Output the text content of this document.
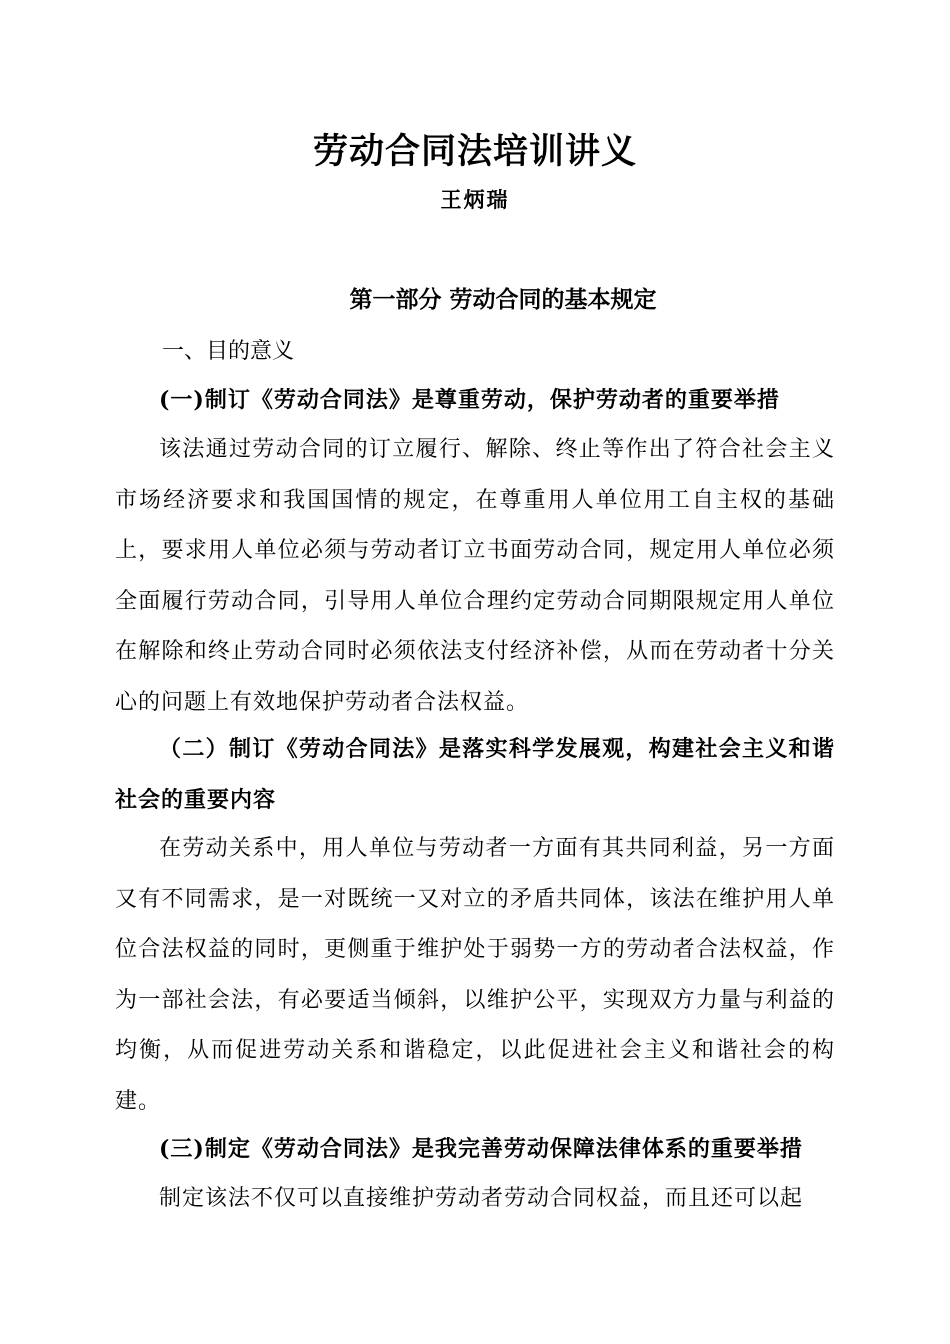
劳动合同法培训讲义
王炳瑞
第一部分 劳动合同的基本规定
一、目的意义
(一)制订《劳动合同法》是尊重劳动，保护劳动者的重要举措
该法通过劳动合同的订立履行、解除、终止等作出了符合社会主义市场经济要求和我国国情的规定，在尊重用人单位用工自主权的基础上，要求用人单位必须与劳动者订立书面劳动合同，规定用人单位必须全面履行劳动合同，引导用人单位合理约定劳动合同期限规定用人单位在解除和终止劳动合同时必须依法支付经济补偿，从而在劳动者十分关心的问题上有效地保护劳动者合法权益。
（二）制订《劳动合同法》是落实科学发展观，构建社会主义和谐社会的重要内容
在劳动关系中，用人单位与劳动者一方面有其共同利益，另一方面又有不同需求，是一对既统一又对立的矛盾共同体，该法在维护用人单位合法权益的同时，更侧重于维护处于弱势一方的劳动者合法权益，作为一部社会法，有必要适当倾斜，以维护公平，实现双方力量与利益的均衡，从而促进劳动关系和谐稳定，以此促进社会主义和谐社会的构建。
(三)制定《劳动合同法》是我完善劳动保障法律体系的重要举措
制定该法不仅可以直接维护劳动者劳动合同权益，而且还可以起
